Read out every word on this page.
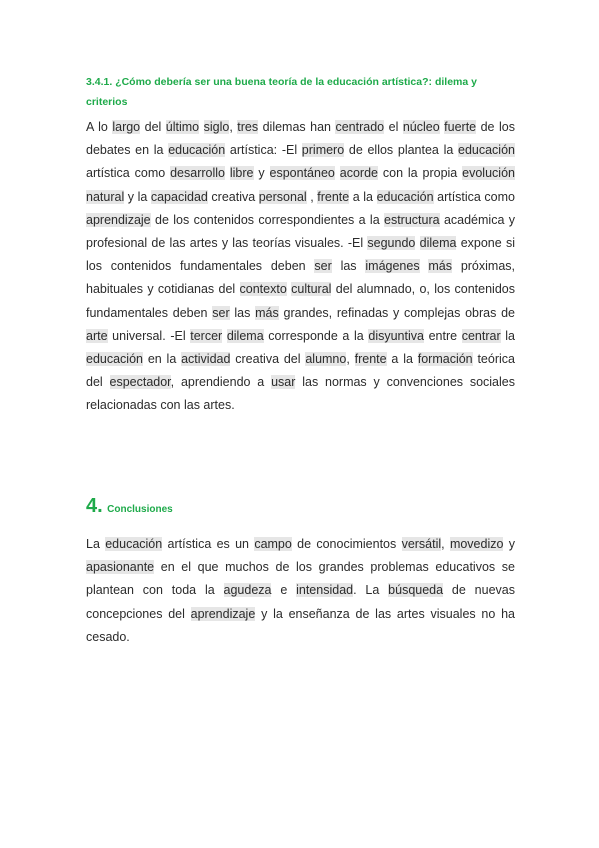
3.4.1. ¿Cómo debería ser una buena teoría de la educación artística?: dilema y criterios
A lo largo del último siglo, tres dilemas han centrado el núcleo fuerte de los debates en la educación artística: -El primero de ellos plantea la educación artística como desarrollo libre y espontáneo acorde con la propia evolución natural y la capacidad creativa personal , frente a la educación artística como aprendizaje de los contenidos correspondientes a la estructura académica y profesional de las artes y las teorías visuales. -El segundo dilema expone si los contenidos fundamentales deben ser las imágenes más próximas, habituales y cotidianas del contexto cultural del alumnado, o, los contenidos fundamentales deben ser las más grandes, refinadas y complejas obras de arte universal. -El tercer dilema corresponde a la disyuntiva entre centrar la educación en la actividad creativa del alumno, frente a la formación teórica del espectador, aprendiendo a usar las normas y convenciones sociales relacionadas con las artes.
4. Conclusiones
La educación artística es un campo de conocimientos versátil, movedizo y apasionante en el que muchos de los grandes problemas educativos se plantean con toda la agudeza e intensidad. La búsqueda de nuevas concepciones del aprendizaje y la enseñanza de las artes visuales no ha cesado.
